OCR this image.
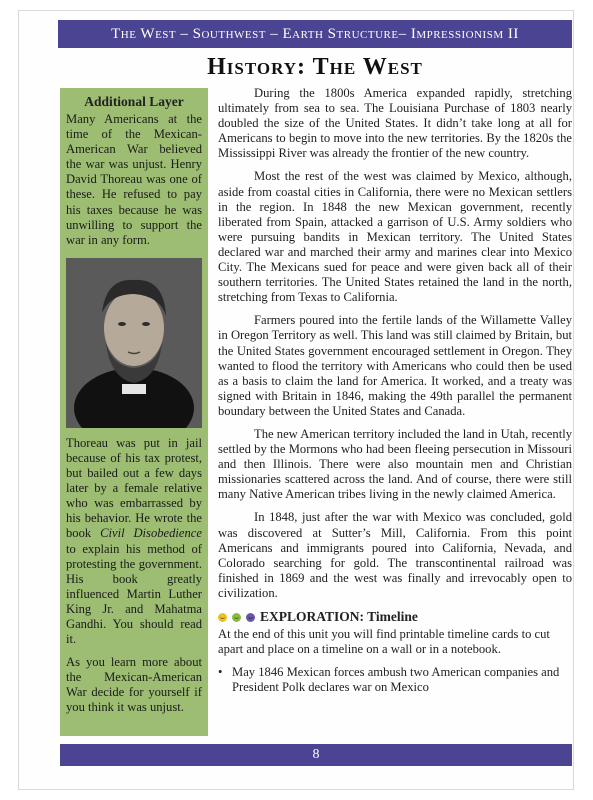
The West – Southwest – Earth Structure– Impressionism II
History: The West
Additional Layer

Many Americans at the time of the Mexican-American War believed the war was unjust. Henry David Thoreau was one of these. He refused to pay his taxes because he was unwilling to support the war in any form.

Thoreau was put in jail because of his tax protest, but bailed out a few days later by a female relative who was embarrassed by his behavior. He wrote the book Civil Disobedience to explain his method of protesting the government. His book greatly influenced Martin Luther King Jr. and Mahatma Gandhi. You should read it.

As you learn more about the Mexican-American War decide for yourself if you think it was unjust.

During the 1800s America expanded rapidly, stretching ultimately from sea to sea. The Louisiana Purchase of 1803 nearly doubled the size of the United States. It didn’t take long at all for Americans to begin to move into the new territories. By the 1820s the Mississippi River was already the frontier of the new country.

Most the rest of the west was claimed by Mexico, although, aside from coastal cities in California, there were no Mexican settlers in the region. In 1848 the new Mexican government, recently liberated from Spain, attacked a garrison of U.S. Army soldiers who were pursuing bandits in Mexican territory. The United States declared war and marched their army and marines clear into Mexico City. The Mexicans sued for peace and were given back all of their southern territories. The United States retained the land in the north, stretching from Texas to California.

Farmers poured into the fertile lands of the Willamette Valley in Oregon Territory as well. This land was still claimed by Britain, but the United States government encouraged settlement in Oregon. They wanted to flood the territory with Americans who could then be used as a basis to claim the land for America. It worked, and a treaty was signed with Britain in 1846, making the 49th parallel the permanent boundary between the United States and Canada.

The new American territory included the land in Utah, recently settled by the Mormons who had been fleeing persecution in Missouri and then Illinois. There were also mountain men and Christian missionaries scattered across the land. And of course, there were still many Native American tribes living in the newly claimed America.

In 1848, just after the war with Mexico was concluded, gold was discovered at Sutter’s Mill, California. From this point Americans and immigrants poured into California, Nevada, and Colorado searching for gold. The transcontinental railroad was finished in 1869 and the west was finally and irrevocably open to civilization.

EXPLORATION: Timeline

At the end of this unit you will find printable timeline cards to cut apart and place on a timeline on a wall or in a notebook.

• May 1846 Mexican forces ambush two American companies and President Polk declares war on Mexico
8
